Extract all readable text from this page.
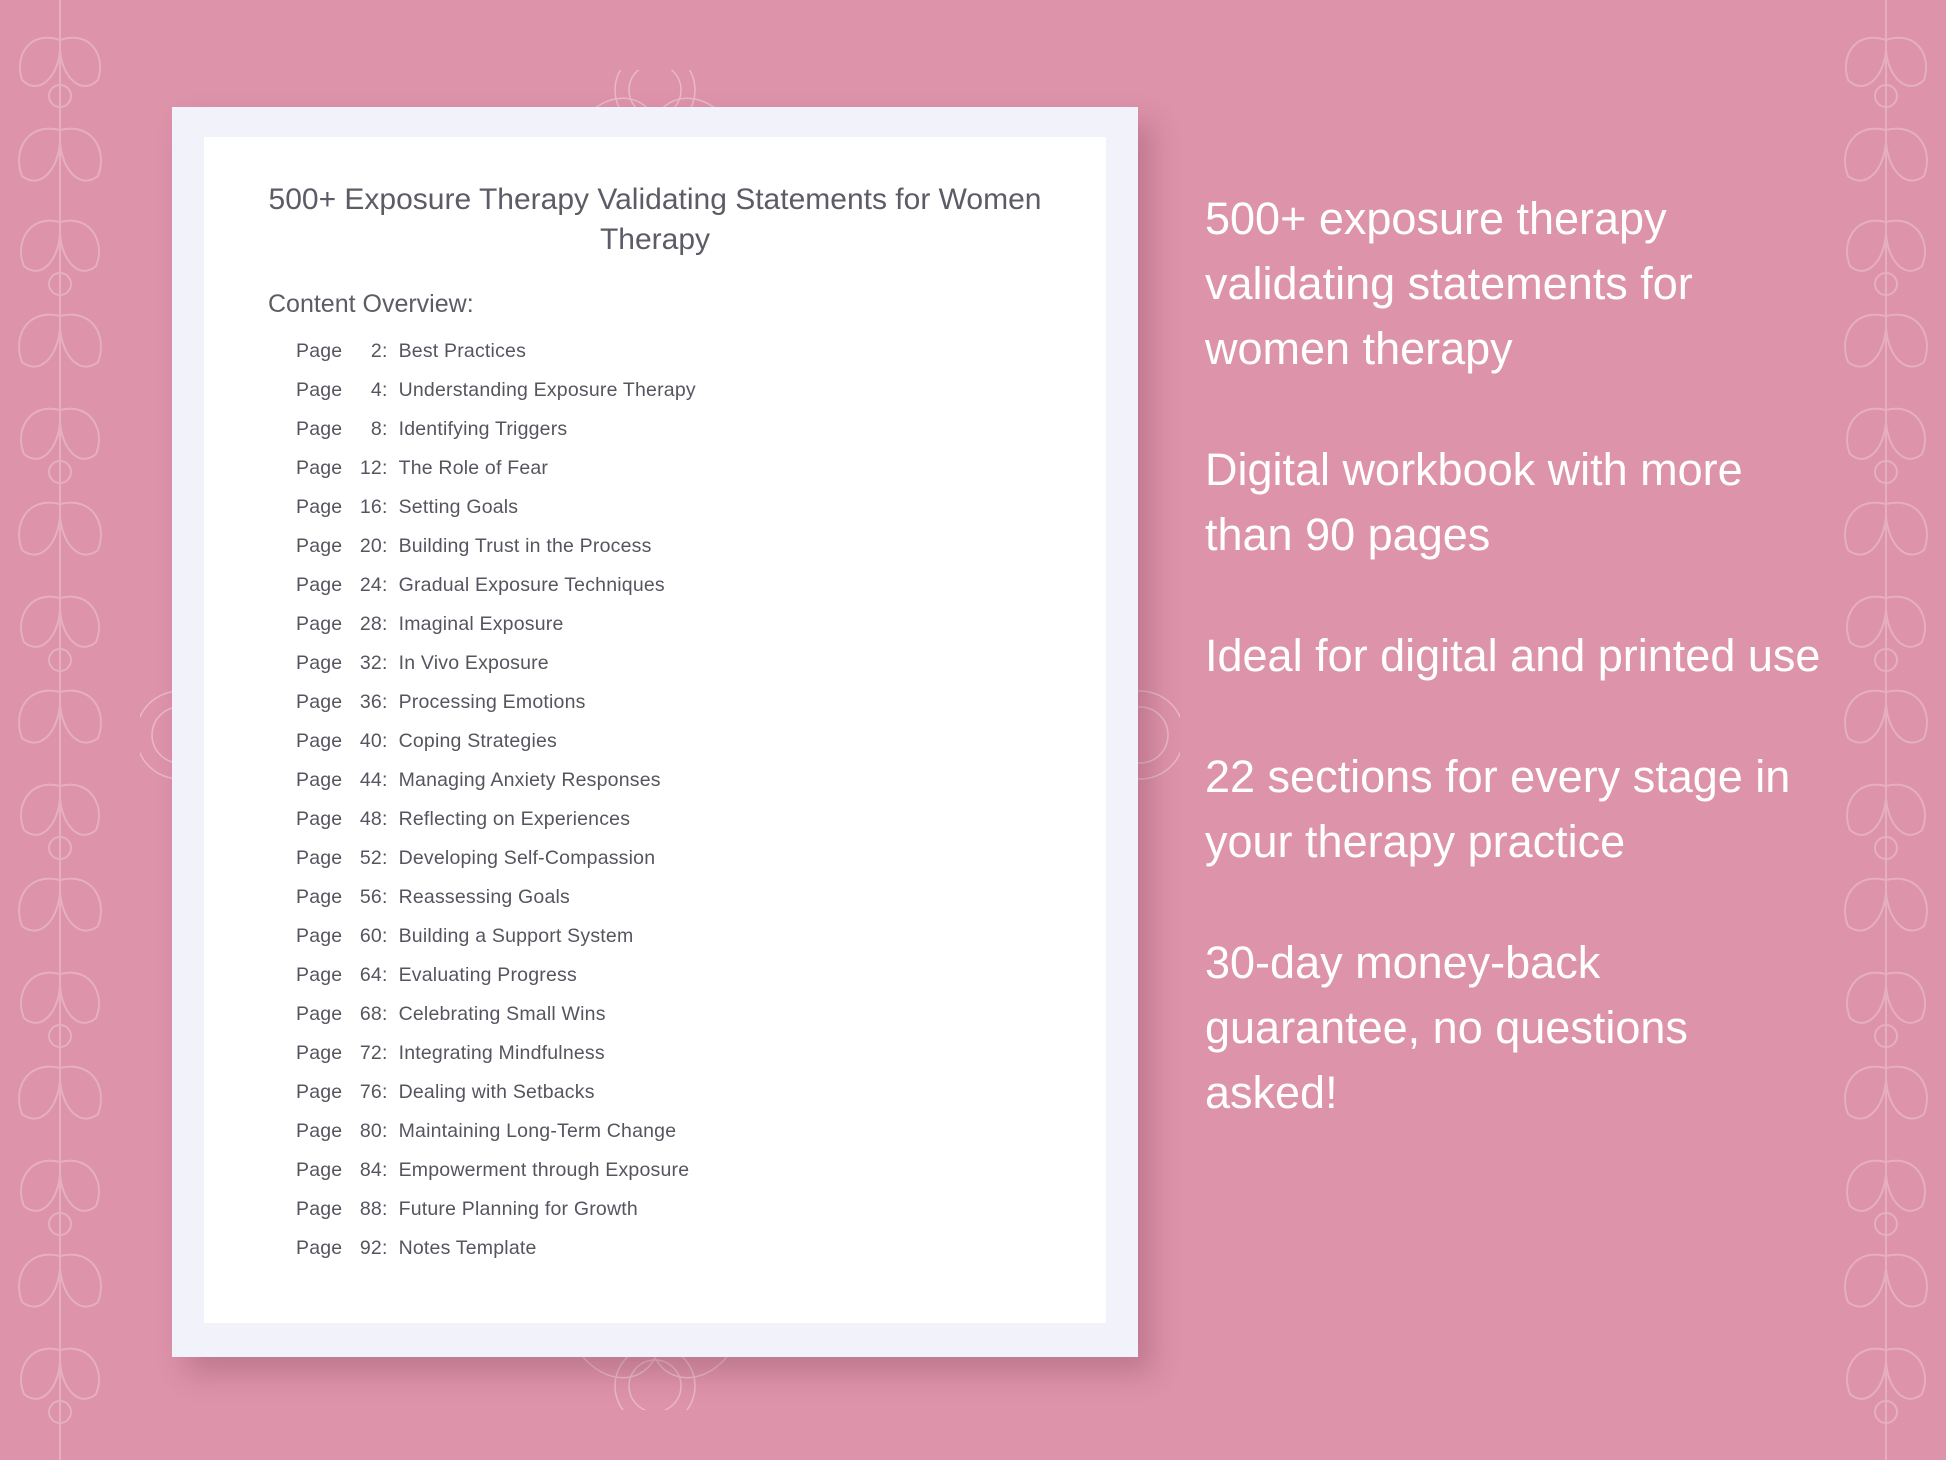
500+ Exposure Therapy Validating Statements for Women Therapy
Content Overview:
Page	2 : Best Practices
Page	4 : Understanding Exposure Therapy
Page	8 : Identifying Triggers
Page 12 : The Role of Fear
Page 16 : Setting Goals
Page 20 : Building Trust in the Process
Page 24 : Gradual Exposure Techniques
Page 28 : Imaginal Exposure
Page 32 : In Vivo Exposure
Page 36 : Processing Emotions
Page 40 : Coping Strategies
Page 44 : Managing Anxiety Responses
Page 48 : Reflecting on Experiences
Page 52 : Developing Self-Compassion
Page 56 : Reassessing Goals
Page 60 : Building a Support System
Page 64 : Evaluating Progress
Page 68 : Celebrating Small Wins
Page 72 : Integrating Mindfulness
Page 76 : Dealing with Setbacks
Page 80 : Maintaining Long-Term Change
Page 84 : Empowerment through Exposure
Page 88 : Future Planning for Growth
Page 92 : Notes Template
500+ exposure therapy validating statements for women therapy
Digital workbook with more than 90 pages
Ideal for digital and printed use
22 sections for every stage in your therapy practice
30-day money-back guarantee, no questions asked!
